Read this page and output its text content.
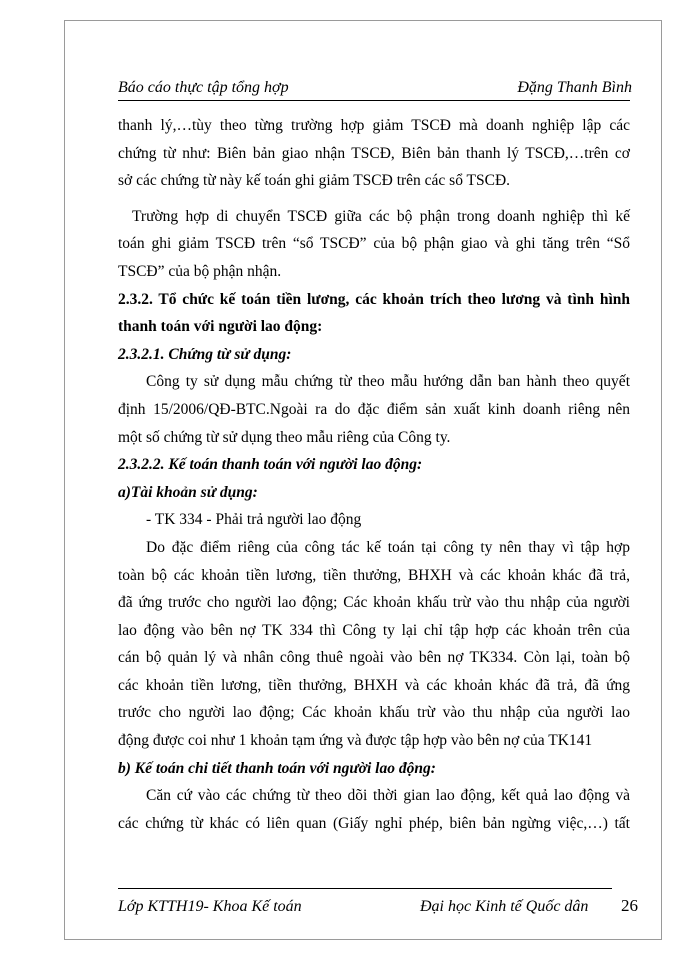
Báo cáo thực tập tổng hợp	Đặng Thanh Bình
thanh lý,…tùy theo từng trường hợp giảm TSCĐ mà doanh nghiệp lập các
chứng từ như: Biên bản giao nhận TSCĐ, Biên bản thanh lý TSCĐ,…trên cơ
sở các chứng từ này kế toán ghi giảm TSCĐ trên các sổ TSCĐ.
Trường hợp di chuyển TSCĐ giữa các bộ phận trong doanh nghiệp thì kế
toán ghi giảm TSCĐ trên “sổ TSCĐ” của bộ phận giao và ghi tăng trên “Sổ
TSCĐ” của bộ phận nhận.
2.3.2. Tổ chức kế toán tiền lương, các khoản trích theo lương và tình hình
thanh toán với người lao động:
2.3.2.1. Chứng từ sử dụng:
Công ty sử dụng mẫu chứng từ theo mẫu hướng dẫn ban hành theo quyết
định 15/2006/QĐ-BTC.Ngoài ra do đặc điểm sản xuất kinh doanh riêng nên
một số chứng từ sử dụng theo mẫu riêng của Công ty.
2.3.2.2. Kế toán thanh toán với người lao động:
a)Tài khoản sử dụng:
- TK 334 - Phải trả người lao động
Do đặc điểm riêng của công tác kế toán tại công ty nên thay vì tập hợp
toàn bộ các khoản tiền lương, tiền thưởng, BHXH và các khoản khác đã trả,
đã ứng trước cho người lao động; Các khoản khấu trừ vào thu nhập của người
lao động vào bên nợ TK 334 thì Công ty lại chỉ tập hợp các khoản trên của
cán bộ quản lý và nhân công thuê ngoài vào bên nợ TK334. Còn lại, toàn bộ
các khoản tiền lương, tiền thưởng, BHXH và các khoản khác đã trả, đã ứng
trước cho người lao động; Các khoản khấu trừ vào thu nhập của người lao
động được coi như 1 khoản tạm ứng và được tập hợp vào bên nợ của TK141
b) Kế toán chi tiết thanh toán với người lao động:
Căn cứ vào các chứng từ theo dõi thời gian lao động, kết quả lao động và
các chứng từ khác có liên quan (Giấy nghỉ phép, biên bản ngừng việc,…) tất
Lớp KTTH19- Khoa Kế toán	Đại học Kinh tế Quốc dân 26
